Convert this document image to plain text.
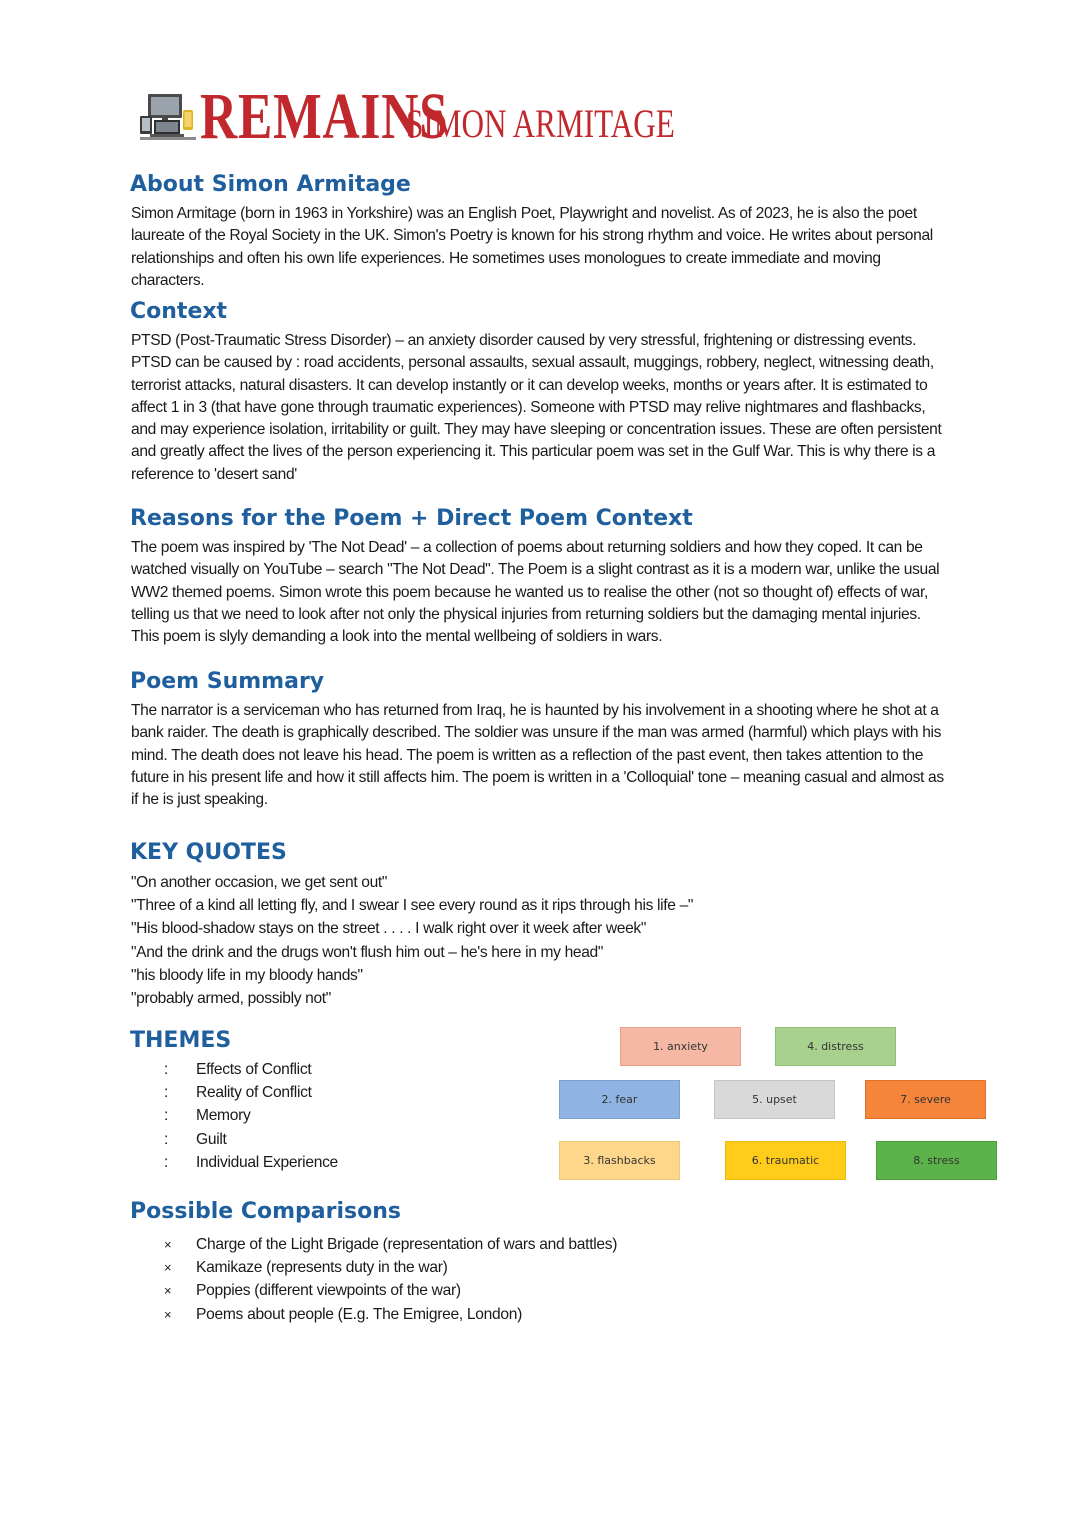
REMAINS
SIMON ARMITAGE
About Simon Armitage

Simon Armitage (born in 1963 in Yorkshire) was an English Poet, Playwright and novelist. As of 2023, he is also the poet laureate of the Royal Society in the UK. Simon's Poetry is known for his strong rhythm and voice. He writes about personal relationships and often his own life experiences. He sometimes uses monologues to create immediate and moving characters.

Context

PTSD (Post-Traumatic Stress Disorder) – an anxiety disorder caused by very stressful, frightening or distressing events. PTSD can be caused by : road accidents, personal assaults, sexual assault, muggings, robbery, neglect, witnessing death, terrorist attacks, natural disasters. It can develop instantly or it can develop weeks, months or years after. It is estimated to affect 1 in 3 (that have gone through traumatic experiences). Someone with PTSD may relive nightmares and flashbacks, and may experience isolation, irritability or guilt. They may have sleeping or concentration issues. These are often persistent and greatly affect the lives of the person experiencing it. This particular poem was set in the Gulf War. This is why there is a reference to 'desert sand'

Reasons for the Poem + Direct Poem Context

The poem was inspired by 'The Not Dead' – a collection of poems about returning soldiers and how they coped. It can be watched visually on YouTube – search "The Not Dead". The Poem is a slight contrast as it is a modern war, unlike the usual WW2 themed poems. Simon wrote this poem because he wanted us to realise the other (not so thought of) effects of war, telling us that we need to look after not only the physical injuries from returning soldiers but the damaging mental injuries. This poem is slyly demanding a look into the mental wellbeing of soldiers in wars.

Poem Summary

The narrator is a serviceman who has returned from Iraq, he is haunted by his involvement in a shooting where he shot at a bank raider. The death is graphically described. The soldier was unsure if the man was armed (harmful) which plays with his mind. The death does not leave his head. The poem is written as a reflection of the past event, then takes attention to the future in his present life and how it still affects him. The poem is written in a 'Colloquial' tone – meaning casual and almost as if he is just speaking.

KEY QUOTES
"On another occasion, we get sent out"
"Three of a kind all letting fly, and I swear I see every round as it rips through his life –"
"His blood-shadow stays on the street . . . . I walk right over it week after week"
"And the drink and the drugs won't flush him out – he's here in my head"
"his bloody life in my bloody hands"
"probably armed, possibly not"
THEMES
:	Effects of Conflict
:	Reality of Conflict
:	Memory
:	Guilt
:	Individual Experience
1. anxiety	4. distress
2. fear	5. upset	7. severe
3. flashbacks	6. traumatic	8. stress
Possible Comparisons
×	Charge of the Light Brigade (representation of wars and battles)
×	Kamikaze (represents duty in the war)
×	Poppies (different viewpoints of the war)
×	Poems about people (E.g. The Emigree, London)
